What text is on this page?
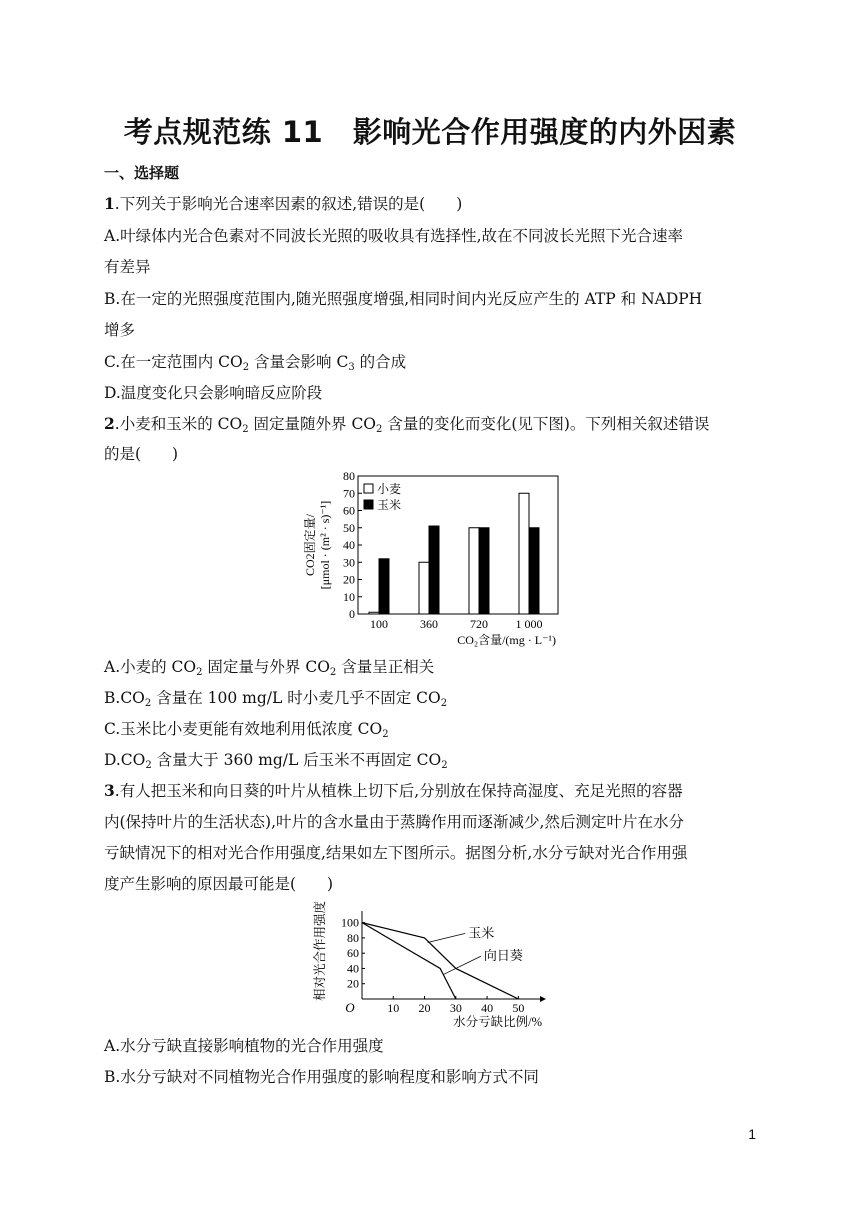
考点规范练 11　影响光合作用强度的内外因素
一、选择题
1.下列关于影响光合速率因素的叙述,错误的是(　　)
A.叶绿体内光合色素对不同波长光照的吸收具有选择性,故在不同波长光照下光合速率
有差异
B.在一定的光照强度范围内,随光照强度增强,相同时间内光反应产生的 ATP 和 NADPH
增多
C.在一定范围内 $CO_2$ 含量会影响 $C_3$ 的合成
D.温度变化只会影响暗反应阶段
2.小麦和玉米的 $CO_2$ 固定量随外界 $CO_2$ 含量的变化而变化(见下图)。下列相关叙述错误
的是(　　)
0
10
20
30
40
50
60
70
80
100	360	720 1 000
小麦
玉米
CO₂含量/(mg · L⁻¹)
CO2固定量/ [μmol · (m² · s)⁻¹]
A.小麦的 $CO_2$ 固定量与外界 $CO_2$ 含量呈正相关
$B.CO_2$ 含量在 100 mg/L 时小麦几乎不固定 $CO_2$
C.玉米比小麦更能有效地利用低浓度 $CO_2$
$D.CO_2$ 含量大于 360 mg/L 后玉米不再固定 $CO_2$
3.有人把玉米和向日葵的叶片从植株上切下后,分别放在保持高湿度、充足光照的容器
内(保持叶片的生活状态),叶片的含水量由于蒸腾作用而逐渐减少,然后测定叶片在水分
亏缺情况下的相对光合作用强度,结果如左下图所示。据图分析,水分亏缺对光合作用强
度产生影响的原因最可能是(　　)
10 20 30 40 50
20
40
60
80
100
O
玉米
向日葵
水分亏缺比例/%
相对光合作用强度
A.水分亏缺直接影响植物的光合作用强度
B.水分亏缺对不同植物光合作用强度的影响程度和影响方式不同
1
